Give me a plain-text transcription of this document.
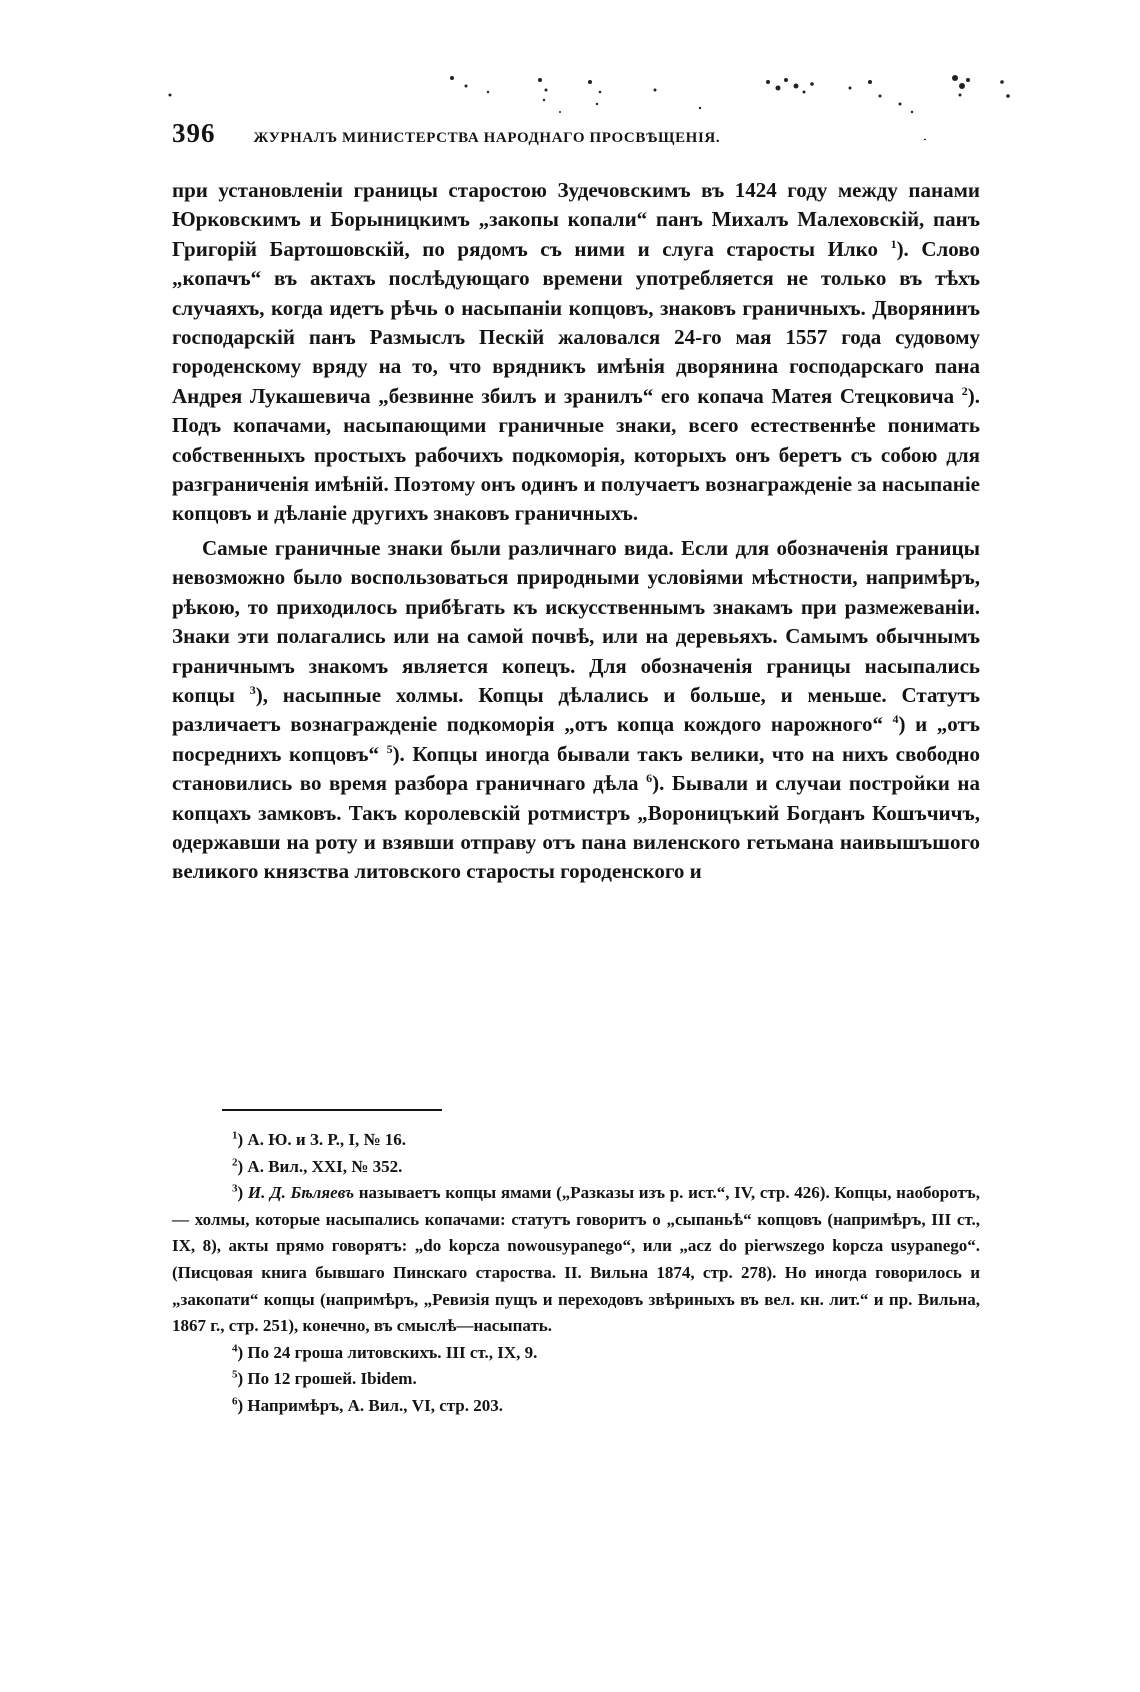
396	ЖУРНАЛЪ МИНИСТЕРСТВА НАРОДНАГО ПРОСВѢЩЕНІЯ.

при установленіи границы старостою Зудечовскимъ въ 1424 году между панами Юрковскимъ и Борыницкимъ „закопы копали“ панъ Михалъ Малеховскій, панъ Григорій Бартошовскій, по рядомъ съ ними и слуга старосты Илко $^1$). Слово „копачъ“ въ актахъ послѣдующаго времени употребляется не только въ тѣхъ случаяхъ, когда идетъ рѣчь о насыпаніи копцовъ, знаковъ граничныхъ. Дворянинъ господарскій панъ Размыслъ Пескій жаловался 24-го мая 1557 года судовому городенскому вряду на то, что врядникъ имѣнія дворянина господарскаго пана Андрея Лукашевича „безвинне збилъ и зранилъ“ его копача Матея Стецковича $^2$). Подъ копачами, насыпающими граничные знаки, всего естественнѣе понимать собственныхъ простыхъ рабочихъ подкоморія, которыхъ онъ беретъ съ собою для разграниченія имѣній. Поэтому онъ одинъ и получаетъ вознагражденіе за насыпаніе копцовъ и дѣланіе другихъ знаковъ граничныхъ.

Самые граничные знаки были различнаго вида. Если для обозначенія границы невозможно было воспользоваться природными условіями мѣстности, напримѣръ, рѣкою, то приходилось прибѣгать къ искусственнымъ знакамъ при размежеваніи. Знаки эти полагались или на самой почвѣ, или на деревьяхъ. Самымъ обычнымъ граничнымъ знакомъ является копецъ. Для обозначенія границы насыпались копцы $^3$), насыпные холмы. Копцы дѣлались и больше, и меньше. Статутъ различаетъ вознагражденіе подкоморія „отъ копца кождого нарожного“ $^4$) и „отъ посреднихъ копцовъ“ $^5$). Копцы иногда бывали такъ велики, что на нихъ свободно становились во время разбора граничнаго дѣла $^6$). Бывали и случаи постройки на копцахъ замковъ. Такъ королевскій ротмистръ „Вороницъкий Богданъ Кошъчичъ, одержавши на роту и взявши отправу отъ пана виленского гетьмана наивышъшого великого князства литовского старосты городенского и

$^1$) А. Ю. и З. Р., I, № 16.

$^2$) А. Вил., XXI, № 352.

$^3$) И. Д. Бѣляевъ называетъ копцы ямами („Разказы изъ р. ист.“, IV, стр. 426). Копцы, наоборотъ, — холмы, которые насыпались копачами: статутъ говоритъ о „сыпаньѣ“ копцовъ (напримѣръ, III ст., IX, 8), акты прямо говорятъ: „do kopcza nowousypanego“, или „acz do pierwszego kopcza usypanego“. (Писцовая книга бывшаго Пинскаго староства. II. Вильна 1874, стр. 278). Но иногда говорилось и „закопати“ копцы (напримѣръ, „Ревизія пущъ и переходовъ звѣриныхъ въ вел. кн. лит.“ и пр. Вильна, 1867 г., стр. 251), конечно, въ смыслѣ—насыпать.

$^4$) По 24 гроша литовскихъ. III ст., IX, 9.

$^5$) По 12 грошей. Ibidem.

$^6$) Напримѣръ, А. Вил., VI, стр. 203.
